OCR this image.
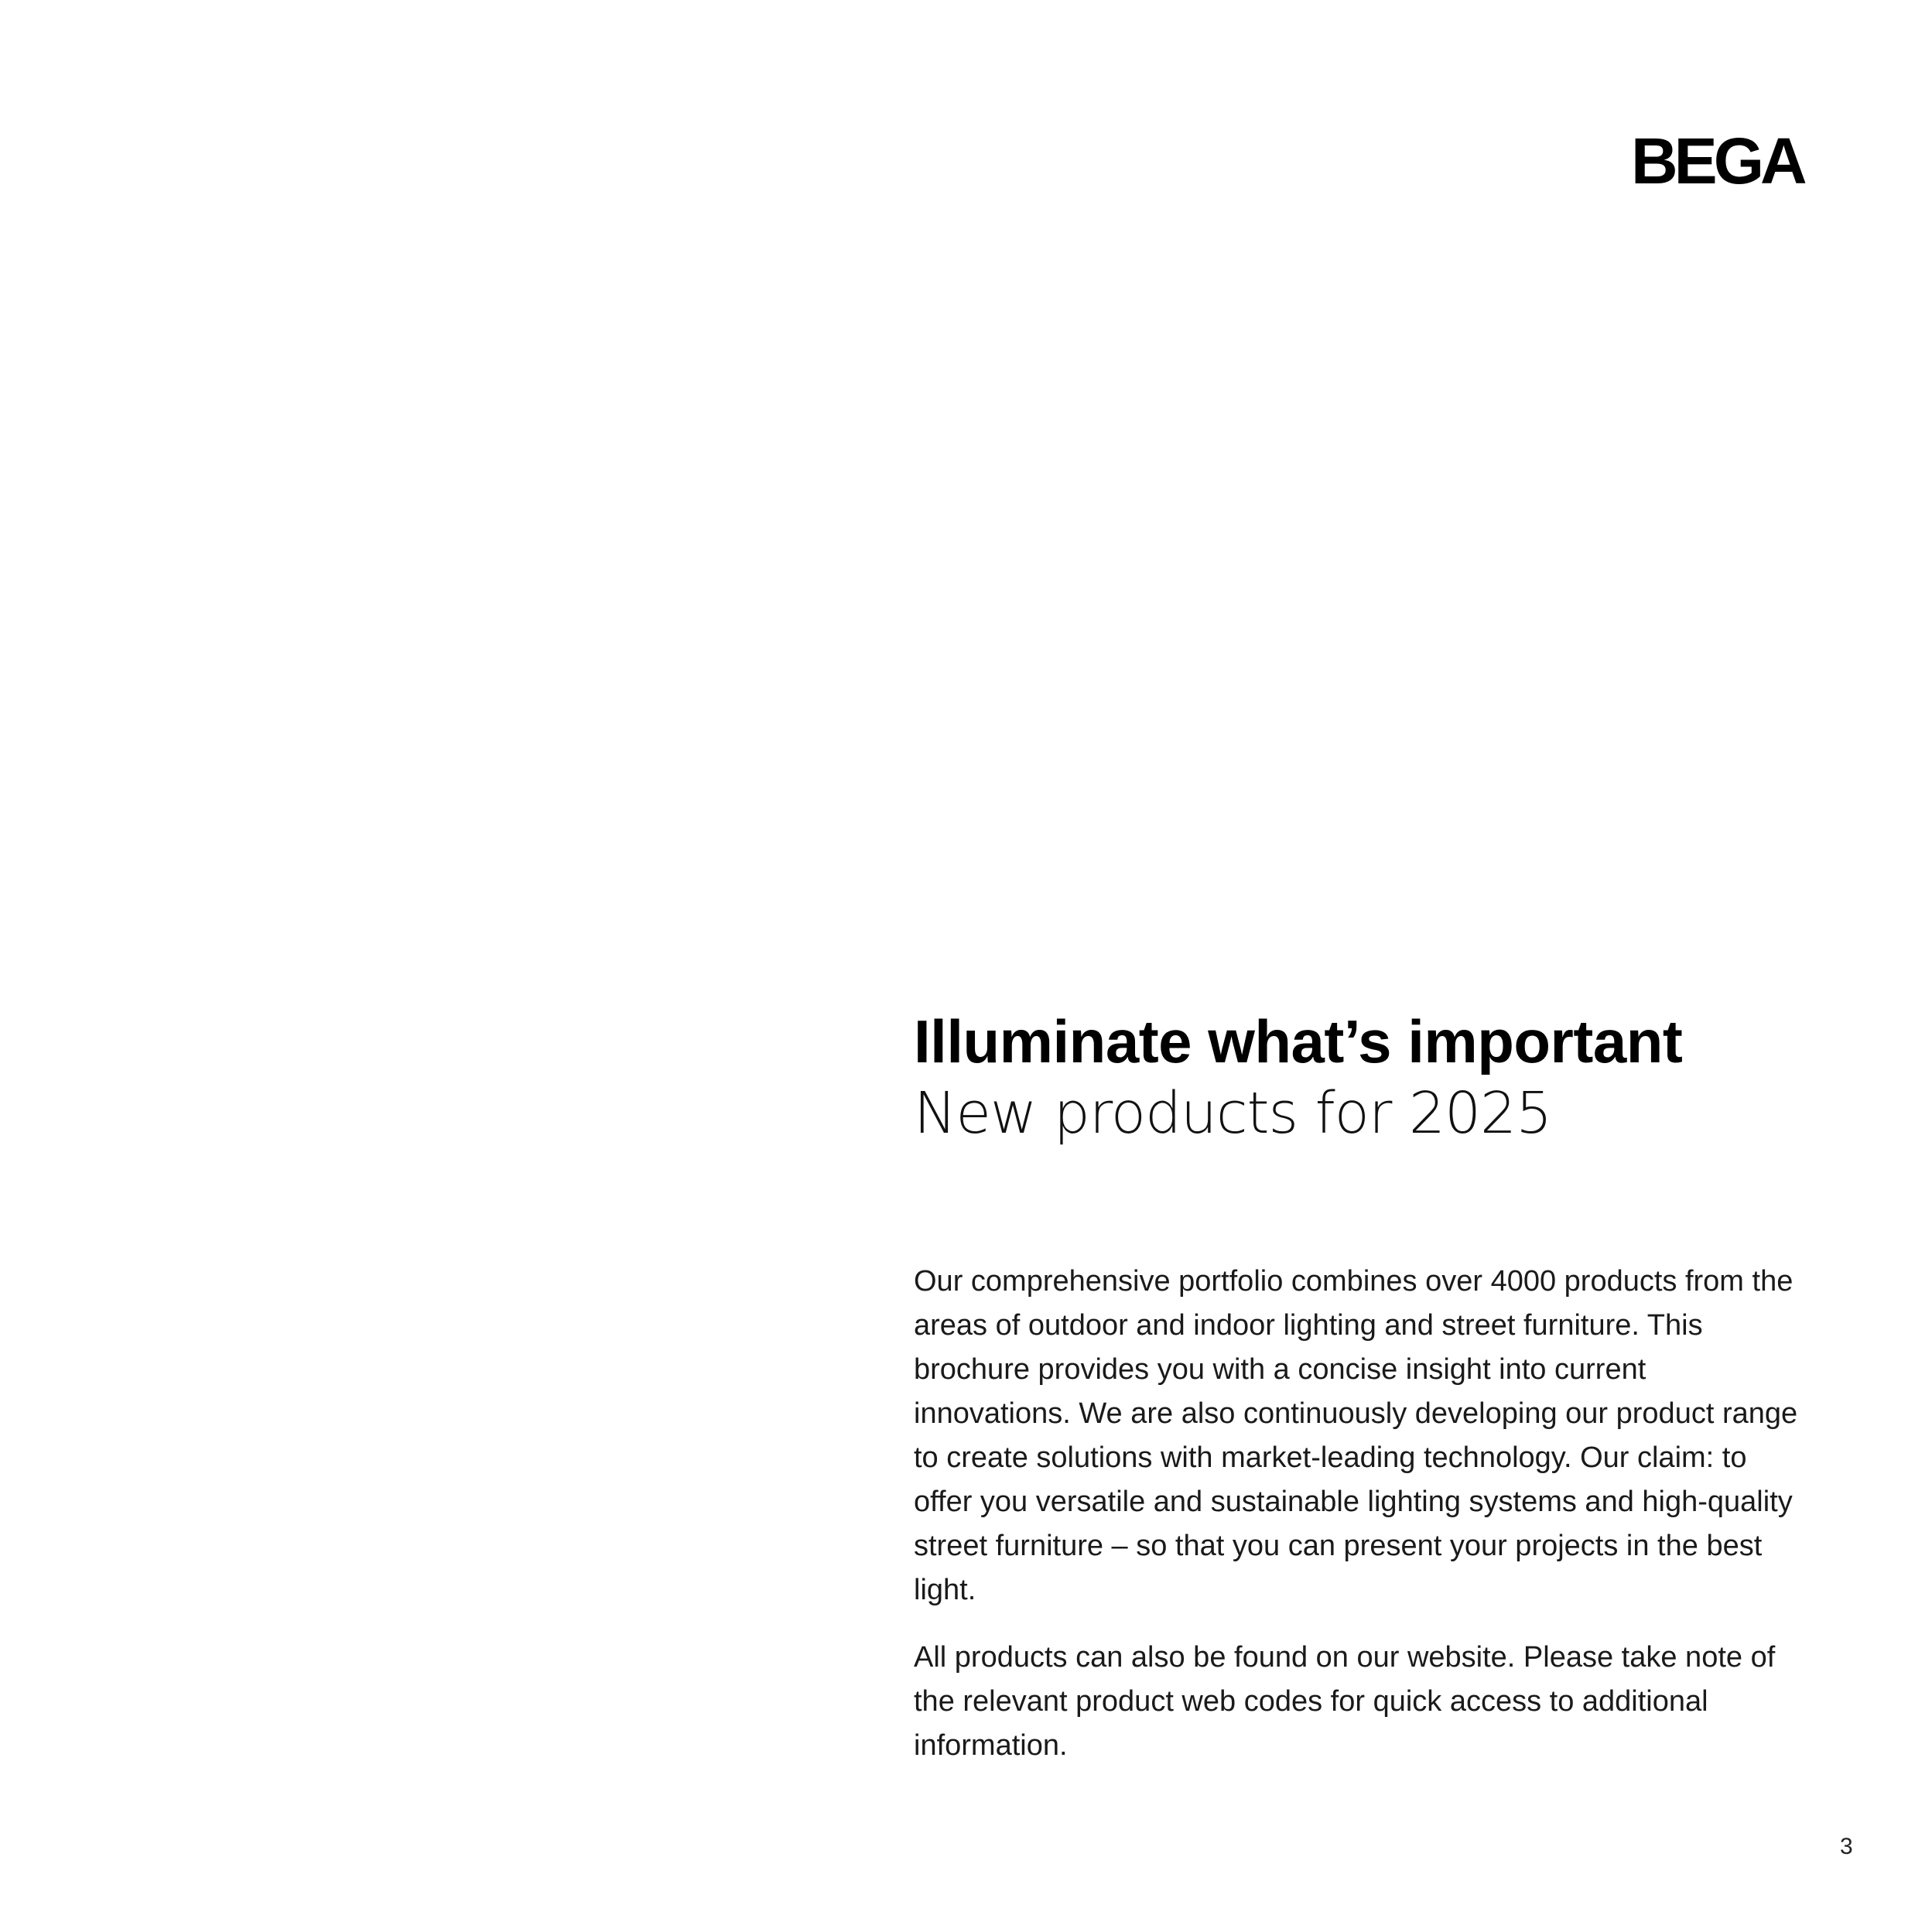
BEGA
Illuminate what’s important
New products for 2025

Our comprehensive portfolio combines over 4000 products from the areas of outdoor and indoor lighting and street furniture. This brochure provides you with a concise insight into current innovations. We are also continuously developing our product range to create solutions with market-leading technology. Our claim: to offer you versatile and sustainable lighting systems and high-quality street furniture – so that you can present your projects in the best light.

All products can also be found on our website. Please take note of the relevant product web codes for quick access to additional information.

3
